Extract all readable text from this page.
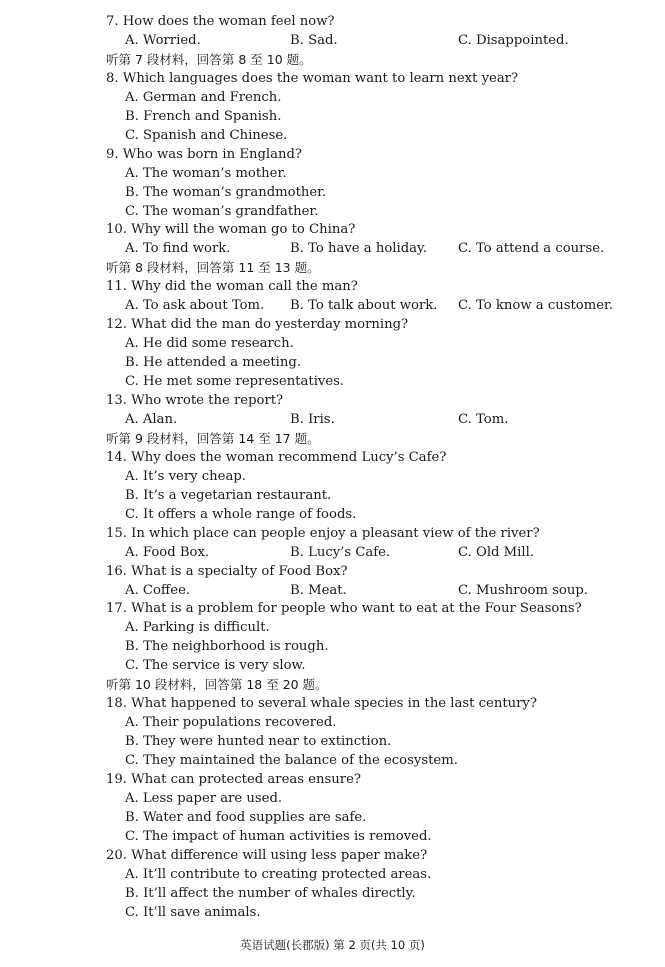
7. How does the woman feel now?
A. Worried.	B. Sad.	C. Disappointed.
听第 7 段材料，回答第 8 至 10 题。
8. Which languages does the woman want to learn next year?
A. German and French.
B. French and Spanish.
C. Spanish and Chinese.
9. Who was born in England?
A. The woman’s mother.
B. The woman’s grandmother.
C. The woman’s grandfather.
10. Why will the woman go to China?
A. To find work.	B. To have a holiday. C. To attend a course.
听第 8 段材料，回答第 11 至 13 题。
11. Why did the woman call the man?
A. To ask about Tom. B. To talk about work. C. To know a customer.
12. What did the man do yesterday morning?
A. He did some research.
B. He attended a meeting.
C. He met some representatives.
13. Who wrote the report?
A. Alan.	B. Iris.	C. Tom.
听第 9 段材料，回答第 14 至 17 题。
14. Why does the woman recommend Lucy’s Cafe?
A. It’s very cheap.
B. It’s a vegetarian restaurant.
C. It offers a whole range of foods.
15. In which place can people enjoy a pleasant view of the river?
A. Food Box.	B. Lucy’s Cafe.	C. Old Mill.
16. What is a specialty of Food Box?
A. Coffee.	B. Meat.	C. Mushroom soup.
17. What is a problem for people who want to eat at the Four Seasons?
A. Parking is difficult.
B. The neighborhood is rough.
C. The service is very slow.
听第 10 段材料，回答第 18 至 20 题。
18. What happened to several whale species in the last century?
A. Their populations recovered.
B. They were hunted near to extinction.
C. They maintained the balance of the ecosystem.
19. What can protected areas ensure?
A. Less paper are used.
B. Water and food supplies are safe.
C. The impact of human activities is removed.
20. What difference will using less paper make?
A. It’ll contribute to creating protected areas.
B. It’ll affect the number of whales directly.
C. It’ll save animals.
英语试题(长郡版) 第 2 页(共 10 页)
